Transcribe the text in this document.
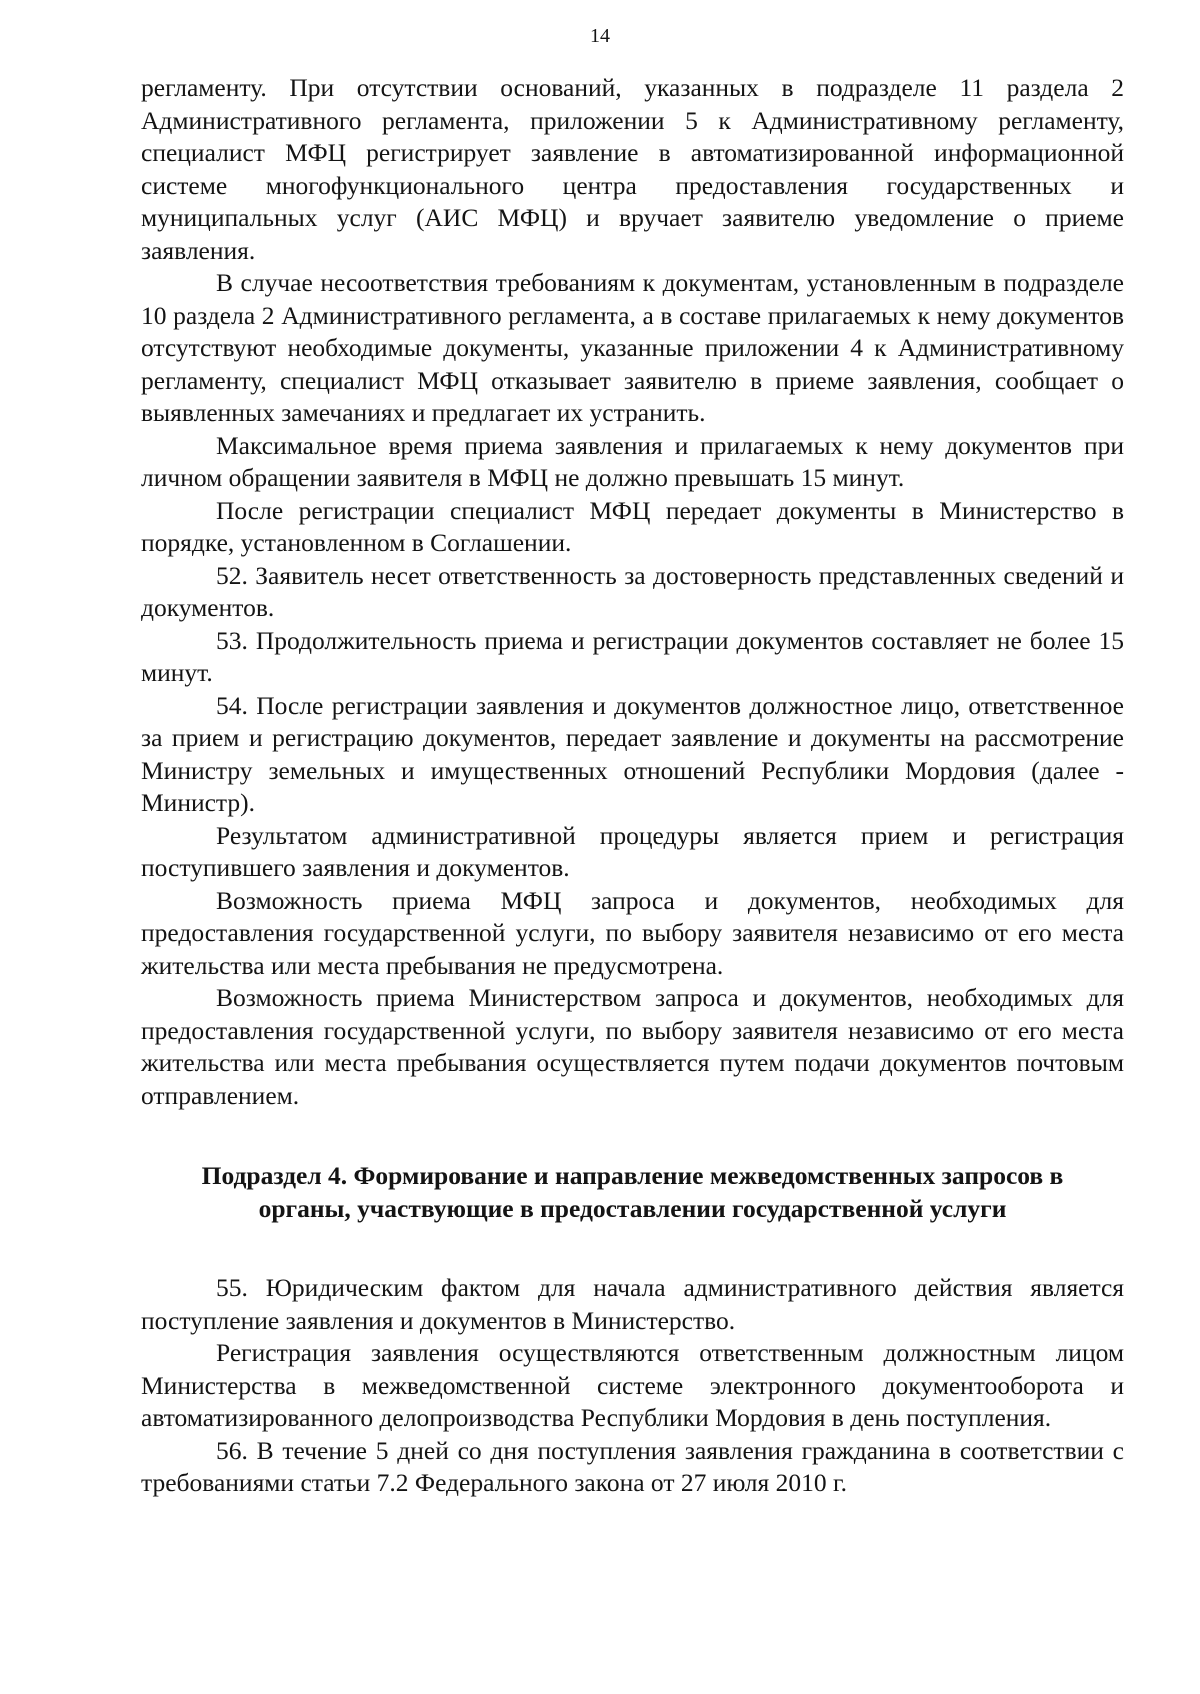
14

регламенту. При отсутствии оснований, указанных в подразделе 11 раздела 2 Административного регламента, приложении 5 к Административному регламенту, специалист МФЦ регистрирует заявление в автоматизированной информационной системе многофункционального центра предоставления государственных и муниципальных услуг (АИС МФЦ) и вручает заявителю уведомление о приеме заявления.

В случае несоответствия требованиям к документам, установленным в подразделе 10 раздела 2 Административного регламента, а в составе прилагаемых к нему документов отсутствуют необходимые документы, указанные приложении 4 к Административному регламенту, специалист МФЦ отказывает заявителю в приеме заявления, сообщает о выявленных замечаниях и предлагает их устранить.

Максимальное время приема заявления и прилагаемых к нему документов при личном обращении заявителя в МФЦ не должно превышать 15 минут.

После регистрации специалист МФЦ передает документы в Министерство в порядке, установленном в Соглашении.

52. Заявитель несет ответственность за достоверность представленных сведений и документов.

53. Продолжительность приема и регистрации документов составляет не более 15 минут.

54. После регистрации заявления и документов должностное лицо, ответственное за прием и регистрацию документов, передает заявление и документы на рассмотрение Министру земельных и имущественных отношений Республики Мордовия (далее - Министр).

Результатом административной процедуры является прием и регистрация поступившего заявления и документов.

Возможность приема МФЦ запроса и документов, необходимых для предоставления государственной услуги, по выбору заявителя независимо от его места жительства или места пребывания не предусмотрена.

Возможность приема Министерством запроса и документов, необходимых для предоставления государственной услуги, по выбору заявителя независимо от его места жительства или места пребывания осуществляется путем подачи документов почтовым отправлением.

Подраздел 4. Формирование и направление межведомственных запросов в
органы, участвующие в предоставлении государственной услуги

55. Юридическим фактом для начала административного действия является поступление заявления и документов в Министерство.

Регистрация заявления осуществляются ответственным должностным лицом Министерства в межведомственной системе электронного документооборота и автоматизированного делопроизводства Республики Мордовия в день поступления.

56. В течение 5 дней со дня поступления заявления гражданина в соответствии с требованиями статьи 7.2 Федерального закона от 27 июля 2010 г.
